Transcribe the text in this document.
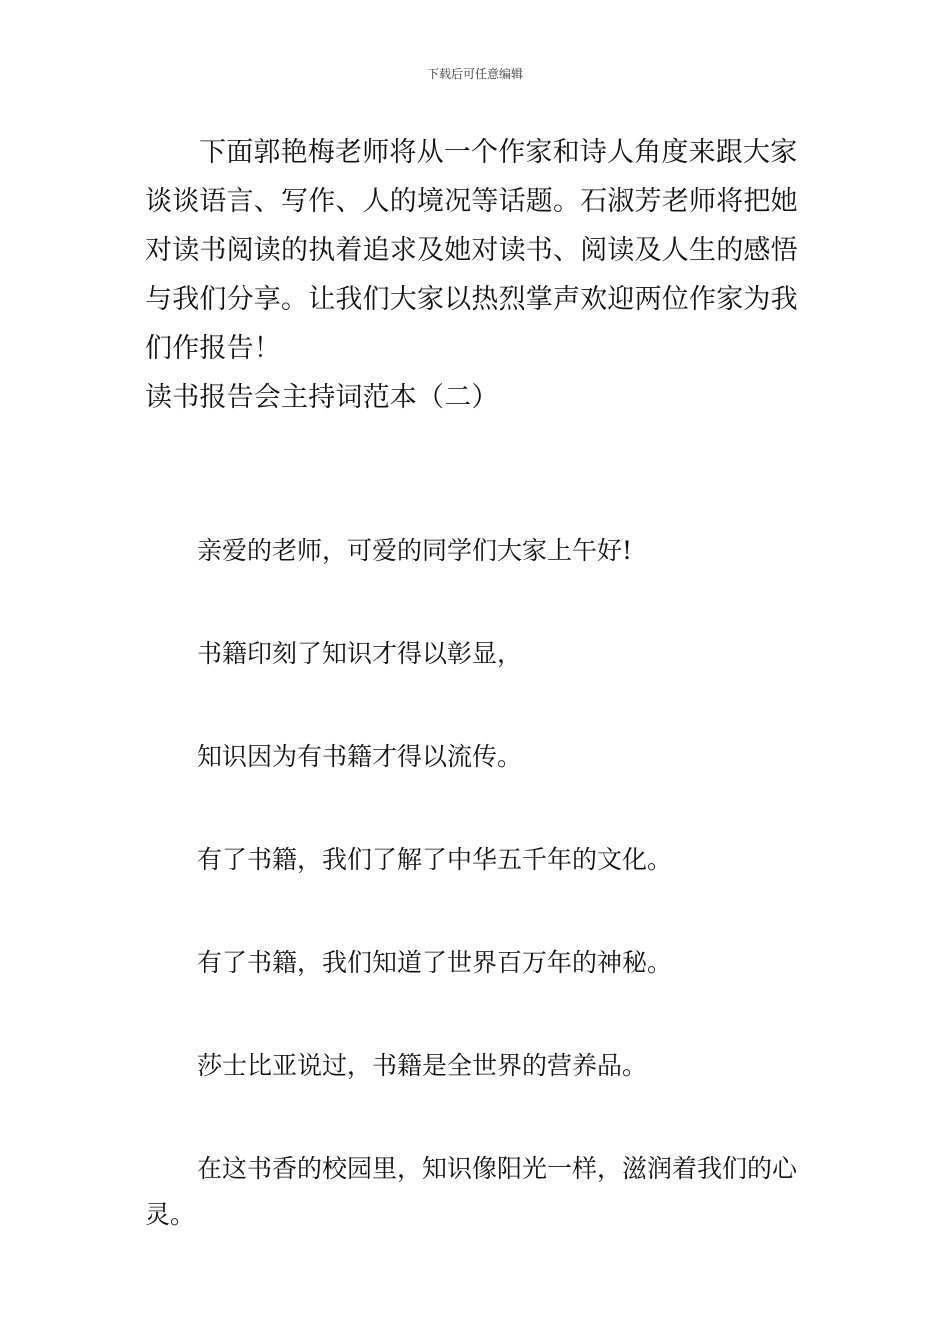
下载后可任意编辑

下面郭艳梅老师将从一个作家和诗人角度来跟大家谈谈语言、写作、人的境况等话题。石淑芳老师将把她对读书阅读的执着追求及她对读书、阅读及人生的感悟与我们分享。让我们大家以热烈掌声欢迎两位作家为我们作报告！

读书报告会主持词范本（二）

亲爱的老师，可爱的同学们大家上午好!

书籍印刻了知识才得以彰显，

知识因为有书籍才得以流传。

有了书籍，我们了解了中华五千年的文化。

有了书籍，我们知道了世界百万年的神秘。

莎士比亚说过，书籍是全世界的营养品。

在这书香的校园里，知识像阳光一样，滋润着我们的心灵。
